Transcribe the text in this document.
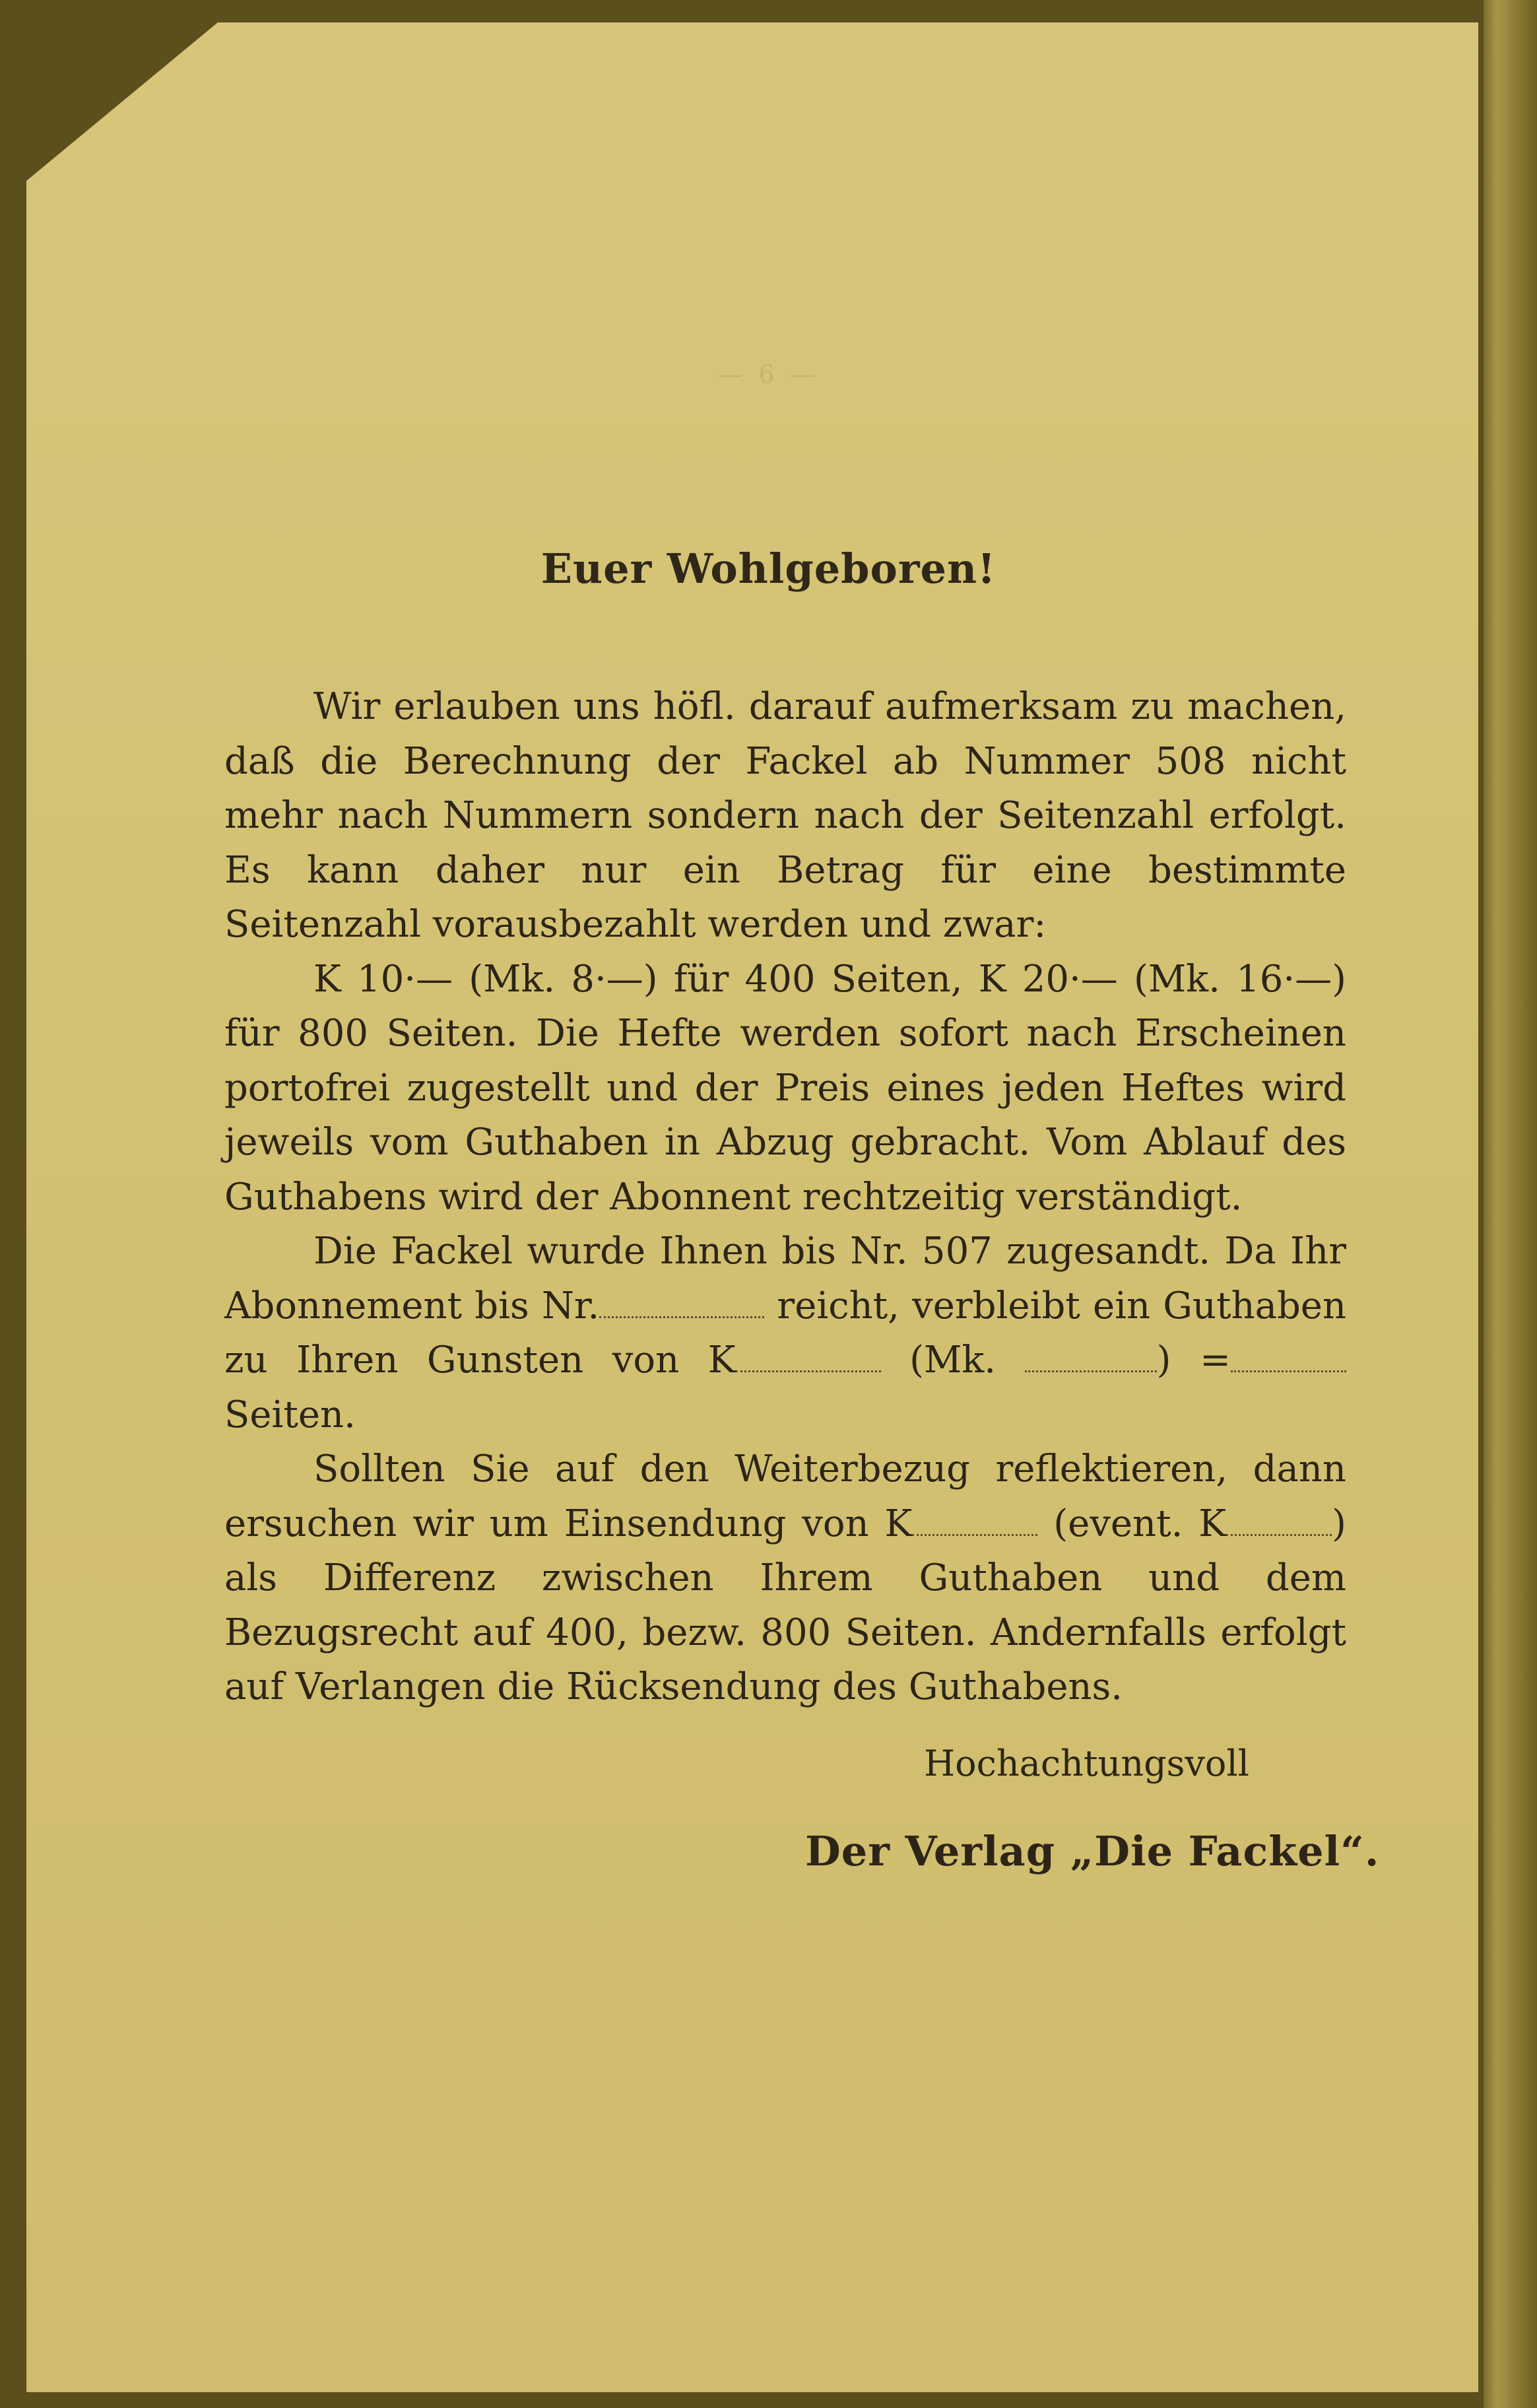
— 6 —
Euer Wohlgeboren!

Wir erlauben uns höfl. darauf aufmerksam zu machen, daß die Berechnung der Fackel ab Nummer 508 nicht mehr nach Nummern sondern nach der Seitenzahl erfolgt. Es kann daher nur ein Betrag für eine bestimmte Seitenzahl vorausbezahlt werden und zwar:

K 10·— (Mk. 8·—) für 400 Seiten, K 20·— (Mk. 16·—) für 800 Seiten. Die Hefte werden sofort nach Erscheinen portofrei zugestellt und der Preis eines jeden Heftes wird jeweils vom Guthaben in Abzug gebracht. Vom Ablauf des Guthabens wird der Abonnent rechtzeitig verständigt.

Die Fackel wurde Ihnen bis Nr. 507 zugesandt. Da Ihr Abonnement bis Nr.	reicht, verbleibt ein Guthaben zu Ihren Gunsten von K	(Mk.	) =Seiten.

Sollten Sie auf den Weiterbezug reflektieren, dann ersuchen wir um Einsendung von K	(event. K	) als Differenz zwischen Ihrem Guthaben und dem Bezugsrecht auf 400, bezw. 800 Seiten. Andernfalls erfolgt auf Verlangen die Rücksendung des Guthabens.

Hochachtungsvoll
Der Verlag „Die Fackel“.
